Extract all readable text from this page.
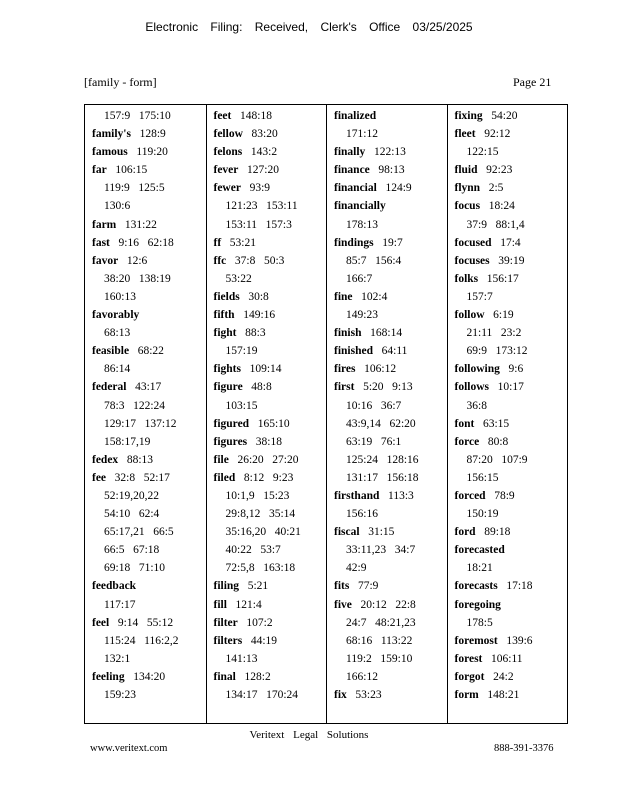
Electronic Filing: Received, Clerk's Office 03/25/2025
[family - form]	Page 21
157:9   175:10
family's   128:9
famous   119:20
far   106:15
119:9   125:5
130:6
farm   131:22
fast   9:16   62:18
favor   12:6
38:20   138:19
160:13
favorably
68:13
feasible   68:22
86:14
federal   43:17
78:3   122:24
129:17   137:12
158:17,19
fedex   88:13
fee   32:8   52:17
52:19,20,22
54:10   62:4
65:17,21   66:5
66:5   67:18
69:18   71:10
feedback
117:17
feel   9:14   55:12
115:24   116:2,2
132:1
feeling   134:20
159:23
feet   148:18
fellow   83:20
felons   143:2
fever   127:20
fewer   93:9
121:23   153:11
153:11   157:3
ff   53:21
ffc   37:8   50:3
53:22
fields   30:8
fifth   149:16
fight   88:3
157:19
fights   109:14
figure   48:8
103:15
figured   165:10
figures   38:18
file   26:20   27:20
filed   8:12   9:23
10:1,9   15:23
29:8,12   35:14
35:16,20   40:21
40:22   53:7
72:5,8   163:18
filing   5:21
fill   121:4
filter   107:2
filters   44:19
141:13
final   128:2
134:17   170:24
finalized
171:12
finally   122:13
finance   98:13
financial   124:9
financially
178:13
findings   19:7
85:7   156:4
166:7
fine   102:4
149:23
finish   168:14
finished   64:11
fires   106:12
first   5:20   9:13
10:16   36:7
43:9,14   62:20
63:19   76:1
125:24   128:16
131:17   156:18
firsthand   113:3
156:16
fiscal   31:15
33:11,23   34:7
42:9
fits   77:9
five   20:12   22:8
24:7   48:21,23
68:16   113:22
119:2   159:10
166:12
fix   53:23
fixing   54:20
fleet   92:12
122:15
fluid   92:23
flynn   2:5
focus   18:24
37:9   88:1,4
focused   17:4
focuses   39:19
folks   156:17
157:7
follow   6:19
21:11   23:2
69:9   173:12
following   9:6
follows   10:17
36:8
font   63:15
force   80:8
87:20   107:9
156:15
forced   78:9
150:19
ford   89:18
forecasted
18:21
forecasts   17:18
foregoing
178:5
foremost   139:6
forest   106:11
forgot   24:2
form   148:21
Veritext Legal Solutions
www.veritext.com	888-391-3376
